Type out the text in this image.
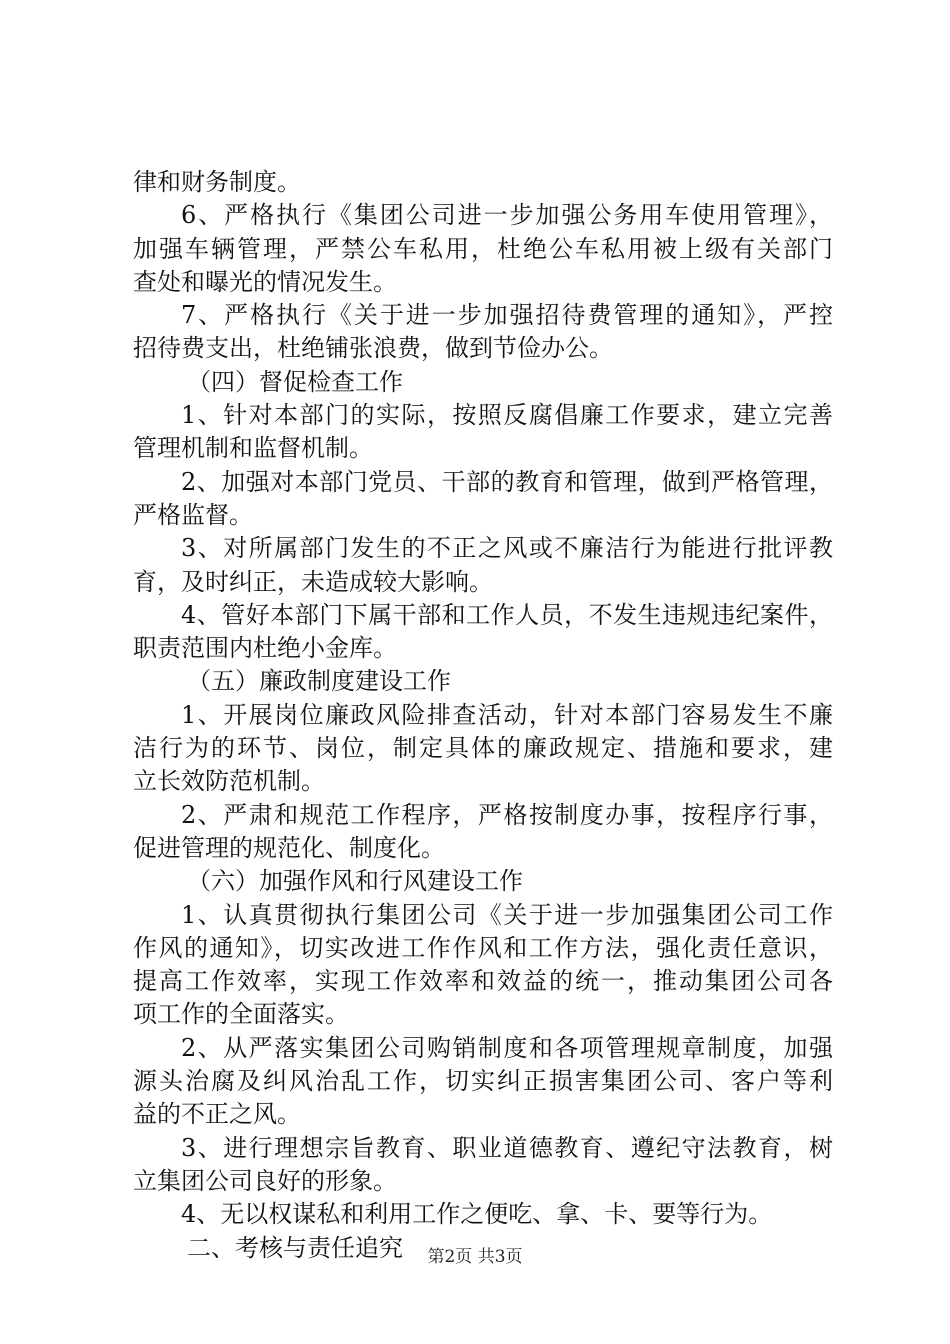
律和财务制度。
6、严格执行《集团公司进一步加强公务用车使用管理》，
加强车辆管理，严禁公车私用，杜绝公车私用被上级有关部门
查处和曝光的情况发生。
7、严格执行《关于进一步加强招待费管理的通知》，严控
招待费支出，杜绝铺张浪费，做到节俭办公。
（四）督促检查工作
1、针对本部门的实际，按照反腐倡廉工作要求，建立完善
管理机制和监督机制。
2、加强对本部门党员、干部的教育和管理，做到严格管理，
严格监督。
3、对所属部门发生的不正之风或不廉洁行为能进行批评教
育，及时纠正，未造成较大影响。
4、管好本部门下属干部和工作人员，不发生违规违纪案件，
职责范围内杜绝小金库。
（五）廉政制度建设工作
1、开展岗位廉政风险排查活动，针对本部门容易发生不廉
洁行为的环节、岗位，制定具体的廉政规定、措施和要求，建
立长效防范机制。
2、严肃和规范工作程序，严格按制度办事，按程序行事，
促进管理的规范化、制度化。
（六）加强作风和行风建设工作
1、认真贯彻执行集团公司《关于进一步加强集团公司工作
作风的通知》，切实改进工作作风和工作方法，强化责任意识，
提高工作效率，实现工作效率和效益的统一，推动集团公司各
项工作的全面落实。
2、从严落实集团公司购销制度和各项管理规章制度，加强
源头治腐及纠风治乱工作，切实纠正损害集团公司、客户等利
益的不正之风。
3、进行理想宗旨教育、职业道德教育、遵纪守法教育，树
立集团公司良好的形象。
4、无以权谋私和利用工作之便吃、拿、卡、要等行为。
二、考核与责任追究	第2页 共3页
